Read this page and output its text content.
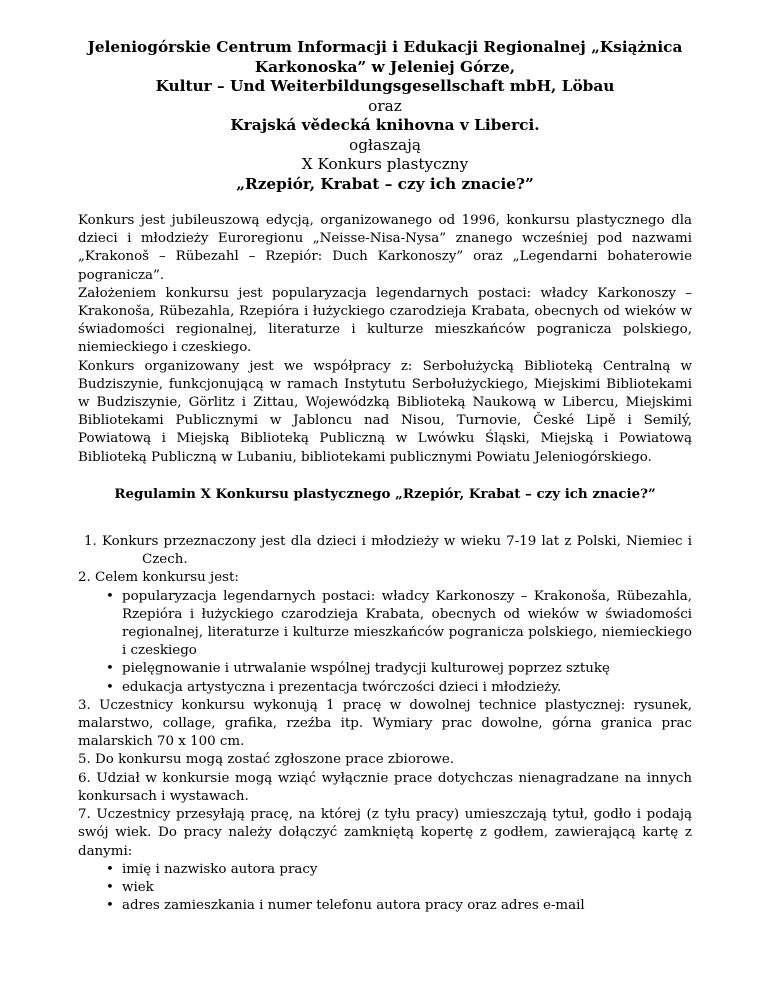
Jeleniogórskie Centrum Informacji i Edukacji Regionalnej „Książnica
Karkonoska” w Jeleniej Górze,
Kultur – Und Weiterbildungsgesellschaft mbH, Löbau
oraz
Krajská vědecká knihovna v Liberci.
ogłaszają
X Konkurs plastyczny
„Rzepiór, Krabat – czy ich znacie?”

Konkurs jest jubileuszową edycją, organizowanego od 1996, konkursu plastycznego dla dzieci i młodzieży Euroregionu „Neisse-Nisa-Nysa” znanego wcześniej pod nazwami „Krakonoš – Rübezahl – Rzepiór: Duch Karkonoszy” oraz „Legendarni bohaterowie pogranicza”.

Założeniem konkursu jest popularyzacja legendarnych postaci: władcy Karkonoszy – Krakonoša, Rübezahla, Rzepióra i łużyckiego czarodzieja Krabata, obecnych od wieków w świadomości regionalnej, literaturze i kulturze mieszkańców pogranicza polskiego, niemieckiego i czeskiego.

Konkurs organizowany jest we współpracy z: Serbołużycką Biblioteką Centralną w Budziszynie, funkcjonującą w ramach Instytutu Serbołużyckiego, Miejskimi Bibliotekami w Budziszynie, Görlitz i Zittau, Wojewódzką Biblioteką Naukową w Libercu, Miejskimi Bibliotekami Publicznymi w Jabloncu nad Nisou, Turnovie, České Lipě i Semilý, Powiatową i Miejską Biblioteką Publiczną w Lwówku Śląski, Miejską i Powiatową Biblioteką Publiczną w Lubaniu, bibliotekami publicznymi Powiatu Jeleniogórskiego.

Regulamin X Konkursu plastycznego „Rzepiór, Krabat – czy ich znacie?”

1. Konkurs przeznaczony jest dla dzieci i młodzieży w wieku 7-19 lat z Polski, Niemiec i Czech.

2. Celem konkursu jest:

• popularyzacja legendarnych postaci: władcy Karkonoszy – Krakonoša, Rübezahla, Rzepióra i łużyckiego czarodzieja Krabata, obecnych od wieków w świadomości regionalnej, literaturze i kulturze mieszkańców pogranicza polskiego, niemieckiego i czeskiego
• pielęgnowanie i utrwalanie wspólnej tradycji kulturowej poprzez sztukę
• edukacja artystyczna i prezentacja twórczości dzieci i młodzieży.

3. Uczestnicy konkursu wykonują 1 pracę w dowolnej technice plastycznej: rysunek, malarstwo, collage, grafika, rzeźba itp. Wymiary prac dowolne, górna granica prac malarskich 70 x 100 cm.

5. Do konkursu mogą zostać zgłoszone prace zbiorowe.

6. Udział w konkursie mogą wziąć wyłącznie prace dotychczas nienagradzane na innych konkursach i wystawach.

7. Uczestnicy przesyłają pracę, na której (z tyłu pracy) umieszczają tytuł, godło i podają swój wiek. Do pracy należy dołączyć zamkniętą kopertę z godłem, zawierającą kartę z danymi:

• imię i nazwisko autora pracy
• wiek
• adres zamieszkania i numer telefonu autora pracy oraz adres e-mail
